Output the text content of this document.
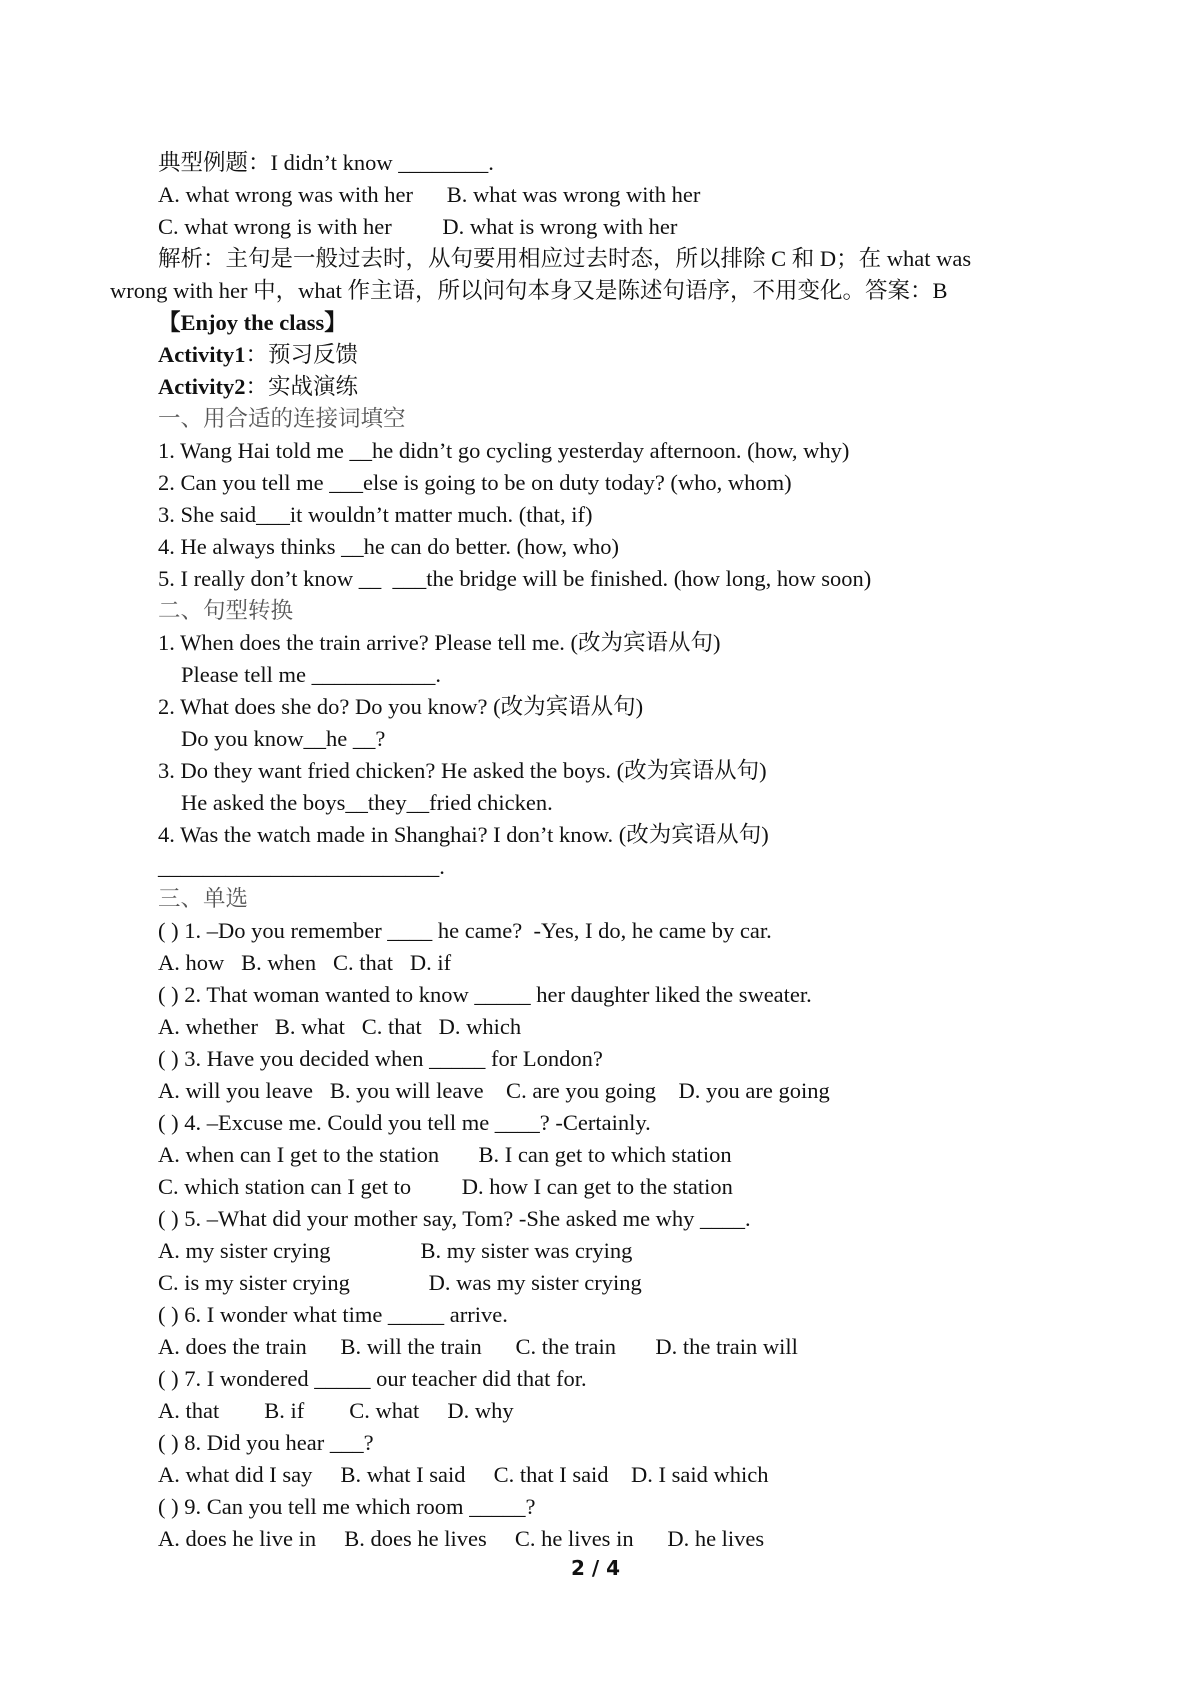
典型例题：I didn’t know ________.
A. what wrong was with her      B. what was wrong with her
C. what wrong is with her         D. what is wrong with her
解析：主句是一般过去时，从句要用相应过去时态，所以排除 C 和 D；在 what was
wrong with her 中，what 作主语，所以问句本身又是陈述句语序，不用变化。答案：B
【Enjoy the class】
Activity1：预习反馈
Activity2：实战演练
一、用合适的连接词填空
1. Wang Hai told me __he didn’t go cycling yesterday afternoon. (how, why)
2. Can you tell me ___else is going to be on duty today? (who, whom)
3. She said___it wouldn’t matter much. (that, if)
4. He always thinks __he can do better. (how, who)
5. I really don’t know __  ___the bridge will be finished. (how long, how soon)
二、句型转换
1. When does the train arrive? Please tell me. (改为宾语从句)
Please tell me ___________.
2. What does she do? Do you know? (改为宾语从句)
Do you know__he __?
3. Do they want fried chicken? He asked the boys. (改为宾语从句)
He asked the boys__they__fried chicken.
4. Was the watch made in Shanghai? I don’t know. (改为宾语从句)
_________________________.
三、单选
( ) 1. –Do you remember ____ he came?  -Yes, I do, he came by car.
A. how   B. when   C. that   D. if
( ) 2. That woman wanted to know _____ her daughter liked the sweater.
A. whether   B. what   C. that   D. which
( ) 3. Have you decided when _____ for London?
A. will you leave   B. you will leave    C. are you going    D. you are going
( ) 4. –Excuse me. Could you tell me ____? -Certainly.
A. when can I get to the station       B. I can get to which station
C. which station can I get to         D. how I can get to the station
( ) 5. –What did your mother say, Tom? -She asked me why ____.
A. my sister crying                B. my sister was crying
C. is my sister crying              D. was my sister crying
( ) 6. I wonder what time _____ arrive.
A. does the train      B. will the train      C. the train       D. the train will
( ) 7. I wondered _____ our teacher did that for.
A. that        B. if        C. what     D. why
( ) 8. Did you hear ___?
A. what did I say     B. what I said     C. that I said    D. I said which
( ) 9. Can you tell me which room _____?
A. does he live in     B. does he lives     C. he lives in      D. he lives
2 / 4
